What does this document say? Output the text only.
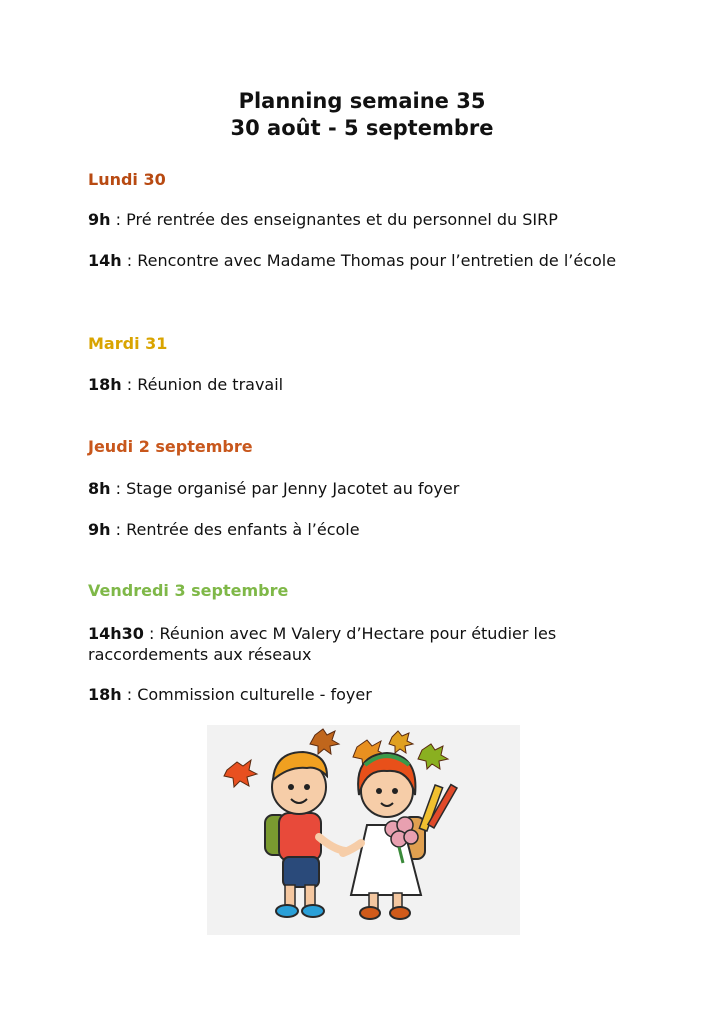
Planning semaine 35
30 août - 5 septembre
Lundi 30
9h : Pré rentrée des enseignantes et du personnel du SIRP
14h : Rencontre avec Madame Thomas pour l’entretien de l’école
Mardi 31
18h : Réunion de travail
Jeudi 2 septembre
8h : Stage organisé par Jenny Jacotet au foyer
9h : Rentrée des enfants à l’école
Vendredi 3 septembre
14h30 : Réunion avec M Valery d’Hectare pour étudier les raccordements aux réseaux
18h : Commission culturelle - foyer
